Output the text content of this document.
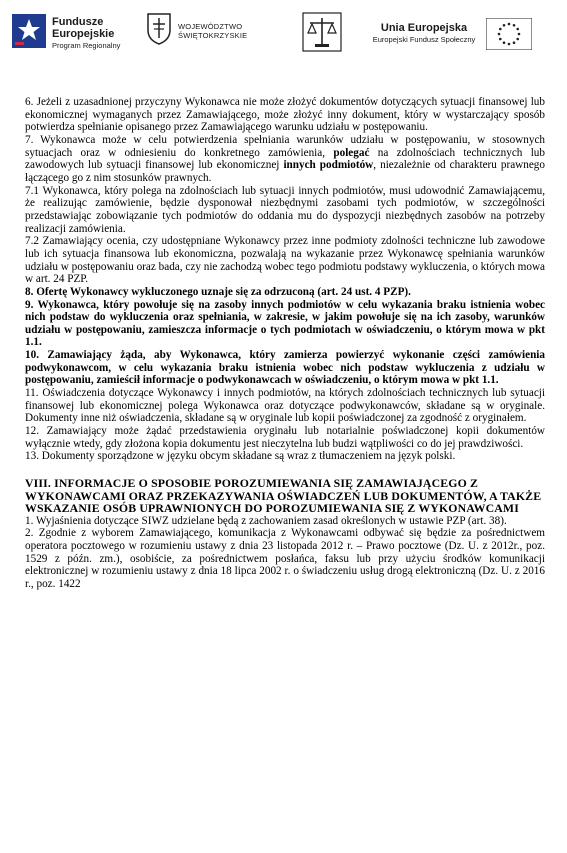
Fundusze
Europejskie
Program Regionalny
WOJEWÓDZTWO
ŚWIĘTOKRZYSKIE
Unia Europejska
Europejski Fundusz Społeczny

6. Jeżeli z uzasadnionej przyczyny Wykonawca nie może złożyć dokumentów dotyczących sytuacji finansowej lub ekonomicznej wymaganych przez Zamawiającego, może złożyć inny dokument, który w wystarczający sposób potwierdza spełnianie opisanego przez Zamawiającego warunku udziału w postępowaniu.

7. Wykonawca może w celu potwierdzenia spełniania warunków udziału w postępowaniu, w stosownych sytuacjach oraz w odniesieniu do konkretnego zamówienia, polegać na zdolnościach technicznych lub zawodowych lub sytuacji finansowej lub ekonomicznej innych podmiotów, niezależnie od charakteru prawnego łączącego go z nim stosunków prawnych.

7.1 Wykonawca, który polega na zdolnościach lub sytuacji innych podmiotów, musi udowodnić Zamawiającemu, że realizując zamówienie, będzie dysponował niezbędnymi zasobami tych podmiotów, w szczególności przedstawiając zobowiązanie tych podmiotów do oddania mu do dyspozycji niezbędnych zasobów na potrzeby realizacji zamówienia.

7.2 Zamawiający ocenia, czy udostępniane Wykonawcy przez inne podmioty zdolności techniczne lub zawodowe lub ich sytuacja finansowa lub ekonomiczna, pozwalają na wykazanie przez Wykonawcę spełniania warunków udziału w postępowaniu oraz bada, czy nie zachodzą wobec tego podmiotu podstawy wykluczenia, o których mowa w art. 24 PZP.

8. Ofertę Wykonawcy wykluczonego uznaje się za odrzuconą (art. 24 ust. 4 PZP).

9. Wykonawca, który powołuje się na zasoby innych podmiotów w celu wykazania braku istnienia wobec nich podstaw do wykluczenia oraz spełniania, w zakresie, w jakim powołuje się na ich zasoby, warunków udziału w postępowaniu, zamieszcza informacje o tych podmiotach w oświadczeniu, o którym mowa w pkt 1.1.

10. Zamawiający żąda, aby Wykonawca, który zamierza powierzyć wykonanie części zamówienia podwykonawcom, w celu wykazania braku istnienia wobec nich podstaw wykluczenia z udziału w postępowaniu, zamieścił informacje o podwykonawcach w oświadczeniu, o którym mowa w pkt 1.1.

11. Oświadczenia dotyczące Wykonawcy i innych podmiotów, na których zdolnościach technicznych lub sytuacji finansowej lub ekonomicznej polega Wykonawca oraz dotyczące podwykonawców, składane są w oryginale. Dokumenty inne niż oświadczenia, składane są w oryginale lub kopii poświadczonej za zgodność z oryginałem.

12. Zamawiający może żądać przedstawienia oryginału lub notarialnie poświadczonej kopii dokumentów wyłącznie wtedy, gdy złożona kopia dokumentu jest nieczytelna lub budzi wątpliwości co do jej prawdziwości.

13. Dokumenty sporządzone w języku obcym składane są wraz z tłumaczeniem na język polski.

VIII. INFORMACJE O SPOSOBIE POROZUMIEWANIA SIĘ ZAMAWIAJĄCEGO Z WYKONAWCAMI ORAZ PRZEKAZYWANIA OŚWIADCZEŃ LUB DOKUMENTÓW, A TAKŻE WSKAZANIE OSÓB UPRAWNIONYCH DO POROZUMIEWANIA SIĘ Z WYKONAWCAMI

1. Wyjaśnienia dotyczące SIWZ udzielane będą z zachowaniem zasad określonych w ustawie PZP (art. 38).

2. Zgodnie z wyborem Zamawiającego, komunikacja z Wykonawcami odbywać się będzie za pośrednictwem operatora pocztowego w rozumieniu ustawy z dnia 23 listopada 2012 r. – Prawo pocztowe (Dz. U. z 2012r., poz. 1529 z późn. zm.), osobiście, za pośrednictwem posłańca, faksu lub przy użyciu środków komunikacji elektronicznej w rozumieniu ustawy z dnia 18 lipca 2002 r. o świadczeniu usług drogą elektroniczną (Dz. U. z 2016 r., poz. 1422
